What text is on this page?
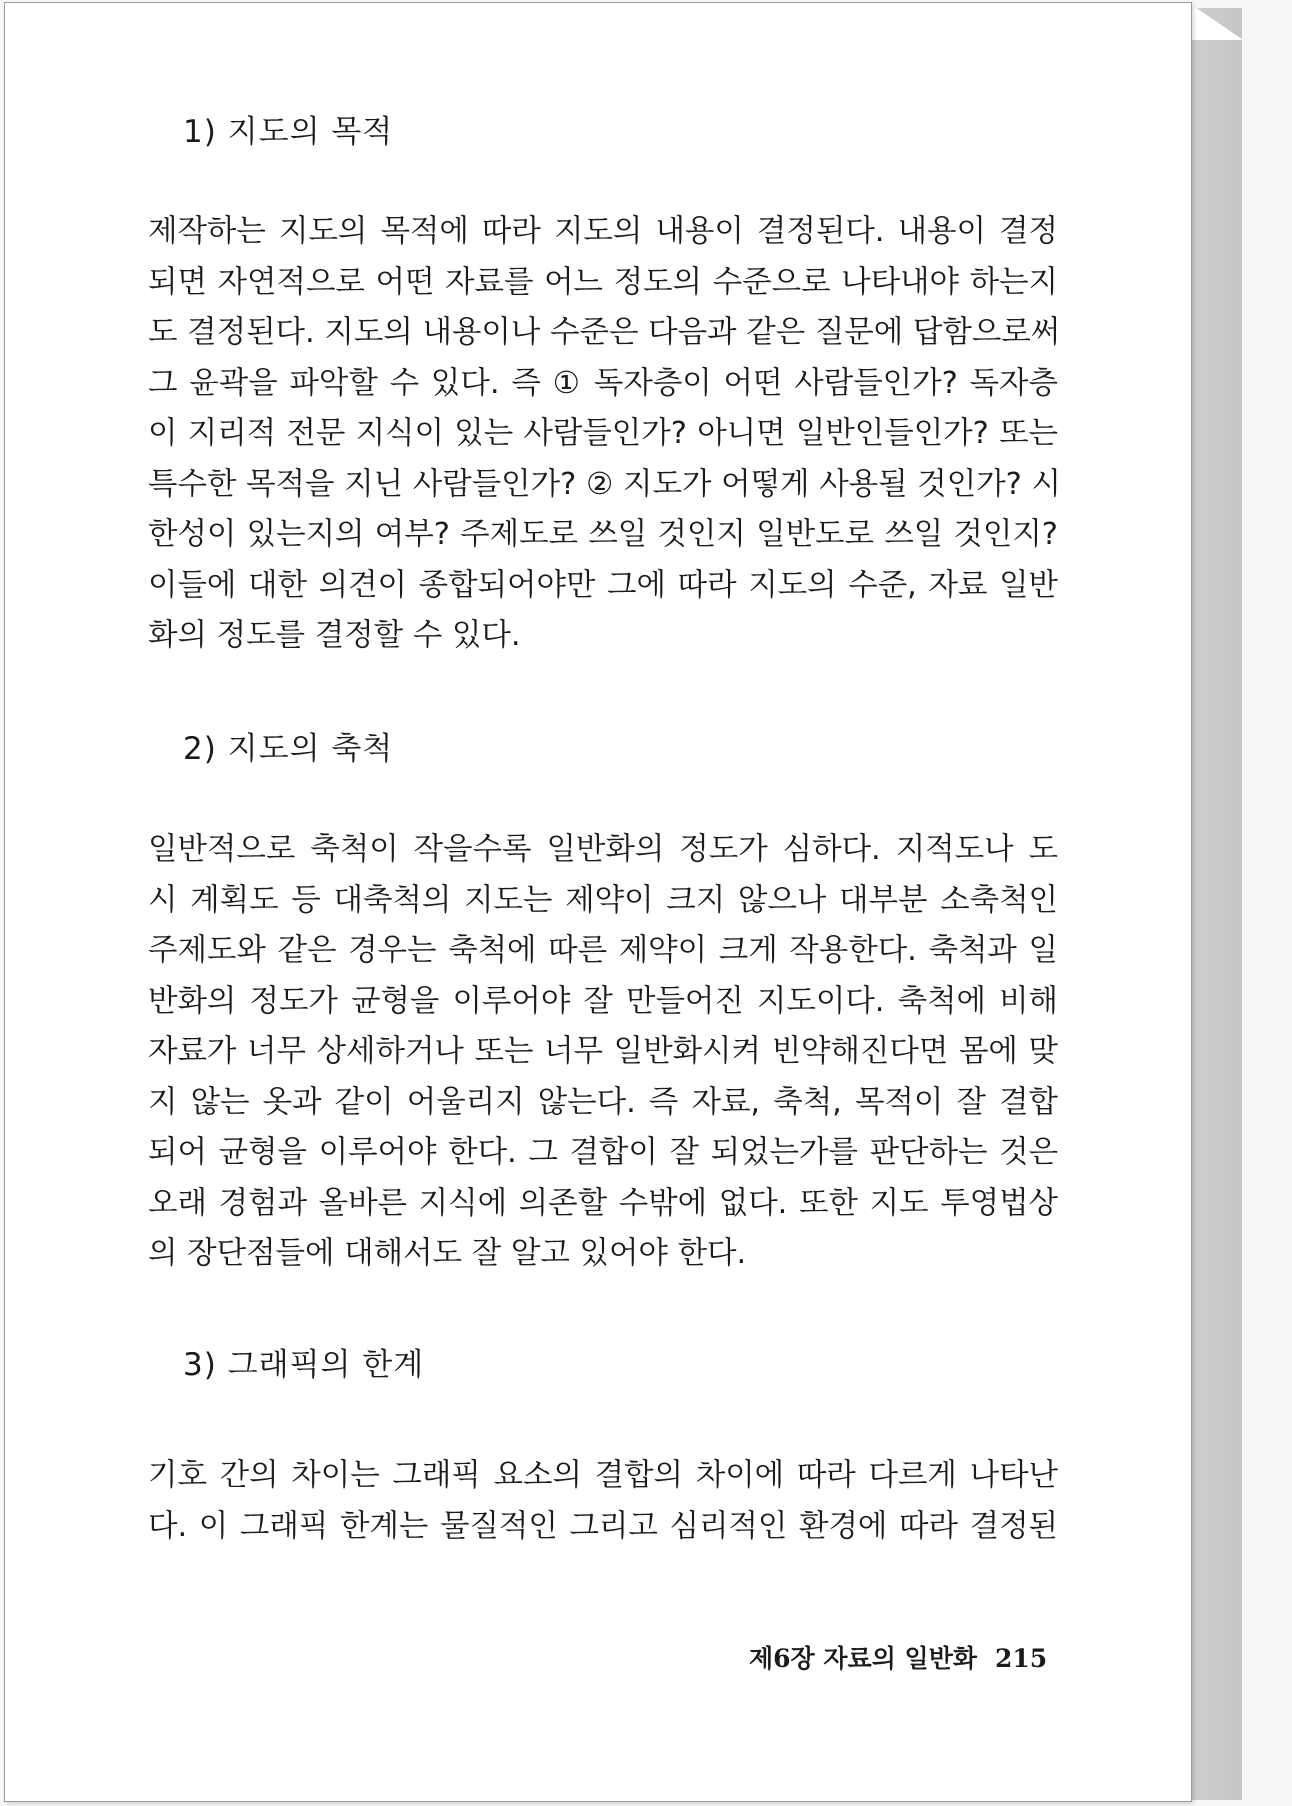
1) 지도의 목적
제작하는 지도의 목적에 따라 지도의 내용이 결정된다. 내용이 결정
되면 자연적으로 어떤 자료를 어느 정도의 수준으로 나타내야 하는지
도 결정된다. 지도의 내용이나 수준은 다음과 같은 질문에 답함으로써
그 윤곽을 파악할 수 있다. 즉 ① 독자층이 어떤 사람들인가? 독자층
이 지리적 전문 지식이 있는 사람들인가? 아니면 일반인들인가? 또는
특수한 목적을 지닌 사람들인가? ② 지도가 어떻게 사용될 것인가? 시
한성이 있는지의 여부? 주제도로 쓰일 것인지 일반도로 쓰일 것인지?
이들에 대한 의견이 종합되어야만 그에 따라 지도의 수준, 자료 일반
화의 정도를 결정할 수 있다.
2) 지도의 축척
일반적으로 축척이 작을수록 일반화의 정도가 심하다. 지적도나 도
시 계획도 등 대축척의 지도는 제약이 크지 않으나 대부분 소축척인
주제도와 같은 경우는 축척에 따른 제약이 크게 작용한다. 축척과 일
반화의 정도가 균형을 이루어야 잘 만들어진 지도이다. 축척에 비해
자료가 너무 상세하거나 또는 너무 일반화시켜 빈약해진다면 몸에 맞
지 않는 옷과 같이 어울리지 않는다. 즉 자료, 축척, 목적이 잘 결합
되어 균형을 이루어야 한다. 그 결합이 잘 되었는가를 판단하는 것은
오래 경험과 올바른 지식에 의존할 수밖에 없다. 또한 지도 투영법상
의 장단점들에 대해서도 잘 알고 있어야 한다.
3) 그래픽의 한계
기호 간의 차이는 그래픽 요소의 결합의 차이에 따라 다르게 나타난
다. 이 그래픽 한계는 물질적인 그리고 심리적인 환경에 따라 결정된
제6장 자료의 일반화 215
